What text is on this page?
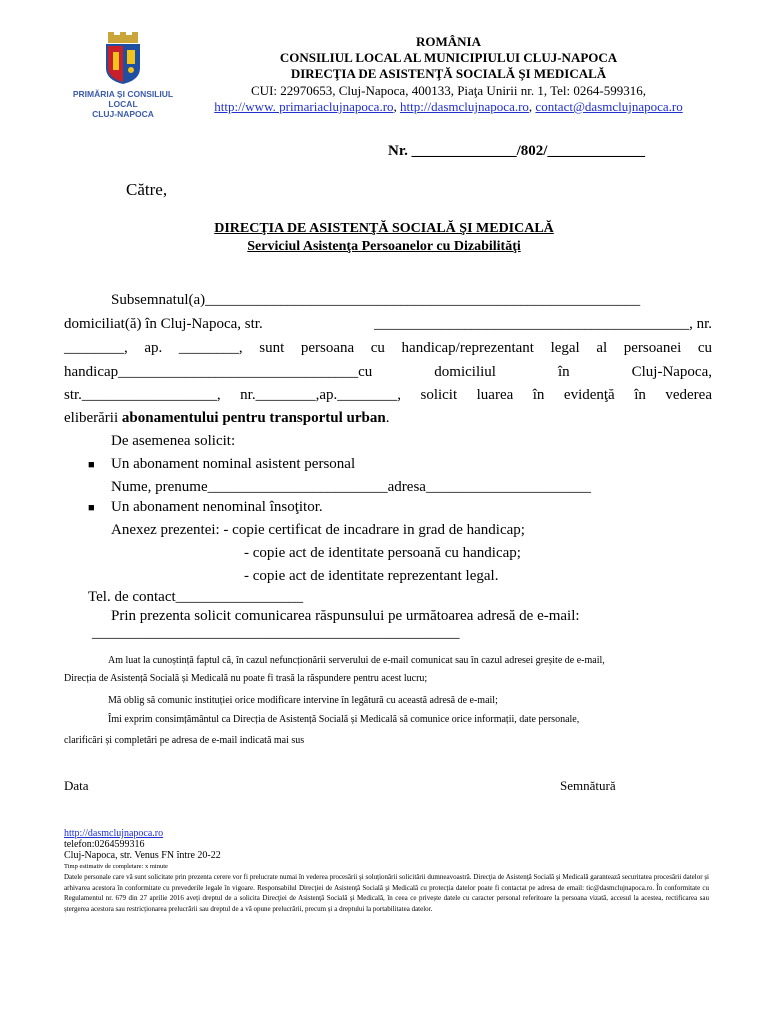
PRIMĂRIA ȘI CONSILIUL LOCAL
CLUJ-NAPOCA
ROMÂNIA
CONSILIUL LOCAL AL MUNICIPIULUI CLUJ-NAPOCA
DIRECŢIA DE ASISTENŢĂ SOCIALĂ ŞI MEDICALĂ
CUI: 22970653, Cluj-Napoca, 400133, Piaţa Unirii nr. 1, Tel: 0264-599316,
http://www. primariaclujnapoca.ro, http://dasmclujnapoca.ro, contact@dasmclujnapoca.ro
Nr. ______________/802/_____________
Către,
DIRECŢIA DE ASISTENŢĂ SOCIALĂ ŞI MEDICALĂ
Serviciul Asistenţa Persoanelor cu Dizabilităţi
Subsemnatul(a)__________________________________________________________
domiciliat(ă) în Cluj-Napoca, str.	__________________________________________, nr.
________, ap. ________, sunt persoana cu handicap/reprezentant legal al persoanei cu
handicap________________________________cu	domiciliul	în	Cluj-Napoca,
str.__________________, nr.________,ap.________, solicit luarea în evidenţă în vederea
eliberării abonamentului pentru transportul urban.
De asemenea solicit:
■ Un abonament nominal asistent personal
Nume, prenume________________________adresa______________________
■ Un abonament nenominal însoţitor.
Anexez prezentei: - copie certificat de incadrare in grad de handicap;
- copie act de identitate persoană cu handicap;
- copie act de identitate reprezentant legal.
Tel. de contact_________________
Prin prezenta solicit comunicarea răspunsului pe următoarea adresă de e-mail:
_________________________________________________
Am luat la cunoștință faptul că, în cazul nefuncționării serverului de e-mail comunicat sau în cazul adresei greșite de e-mail,
Direcția de Asistență Socială și Medicală nu poate fi trasă la răspundere pentru acest lucru;
Mă oblig să comunic instituției orice modificare intervine în legătură cu această adresă de e-mail;
Îmi exprim consimțământul ca Direcția de Asistență Socială și Medicală să comunice orice informații, date personale,
clarificări și completări pe adresa de e-mail indicată mai sus
Data	Semnătură
http://dasmclujnapoca.ro
telefon:0264599316
Cluj-Napoca, str. Venus FN între 20-22
Timp estimativ de completare: x minute
Datele personale care vă sunt solicitate prin prezenta cerere vor fi prelucrate numai în vederea procesării și soluționării solicitării dumneavoastră. Direcţia de Asistenţă Socială şi Medicală garantează securitatea procesării datelor și arhivarea acestora în conformitate cu prevederile legale în vigoare. Responsabilul Direcţiei de Asistenţă Socială şi Medicală cu protecția datelor poate fi contactat pe adresa de email: tic@dasmclujnapoca.ro. În conformitate cu Regulamentul nr. 679 din 27 aprilie 2016 aveți dreptul de a solicita Direcţiei de Asistenţă Socială şi Medicală, în ceea ce privește datele cu caracter personal referitoare la persoana vizată, accesul la acestea, rectificarea sau ștergerea acestora sau restricționarea prelucrării sau dreptul de a vă opune prelucrării, precum și a dreptului la portabilitatea datelor.
